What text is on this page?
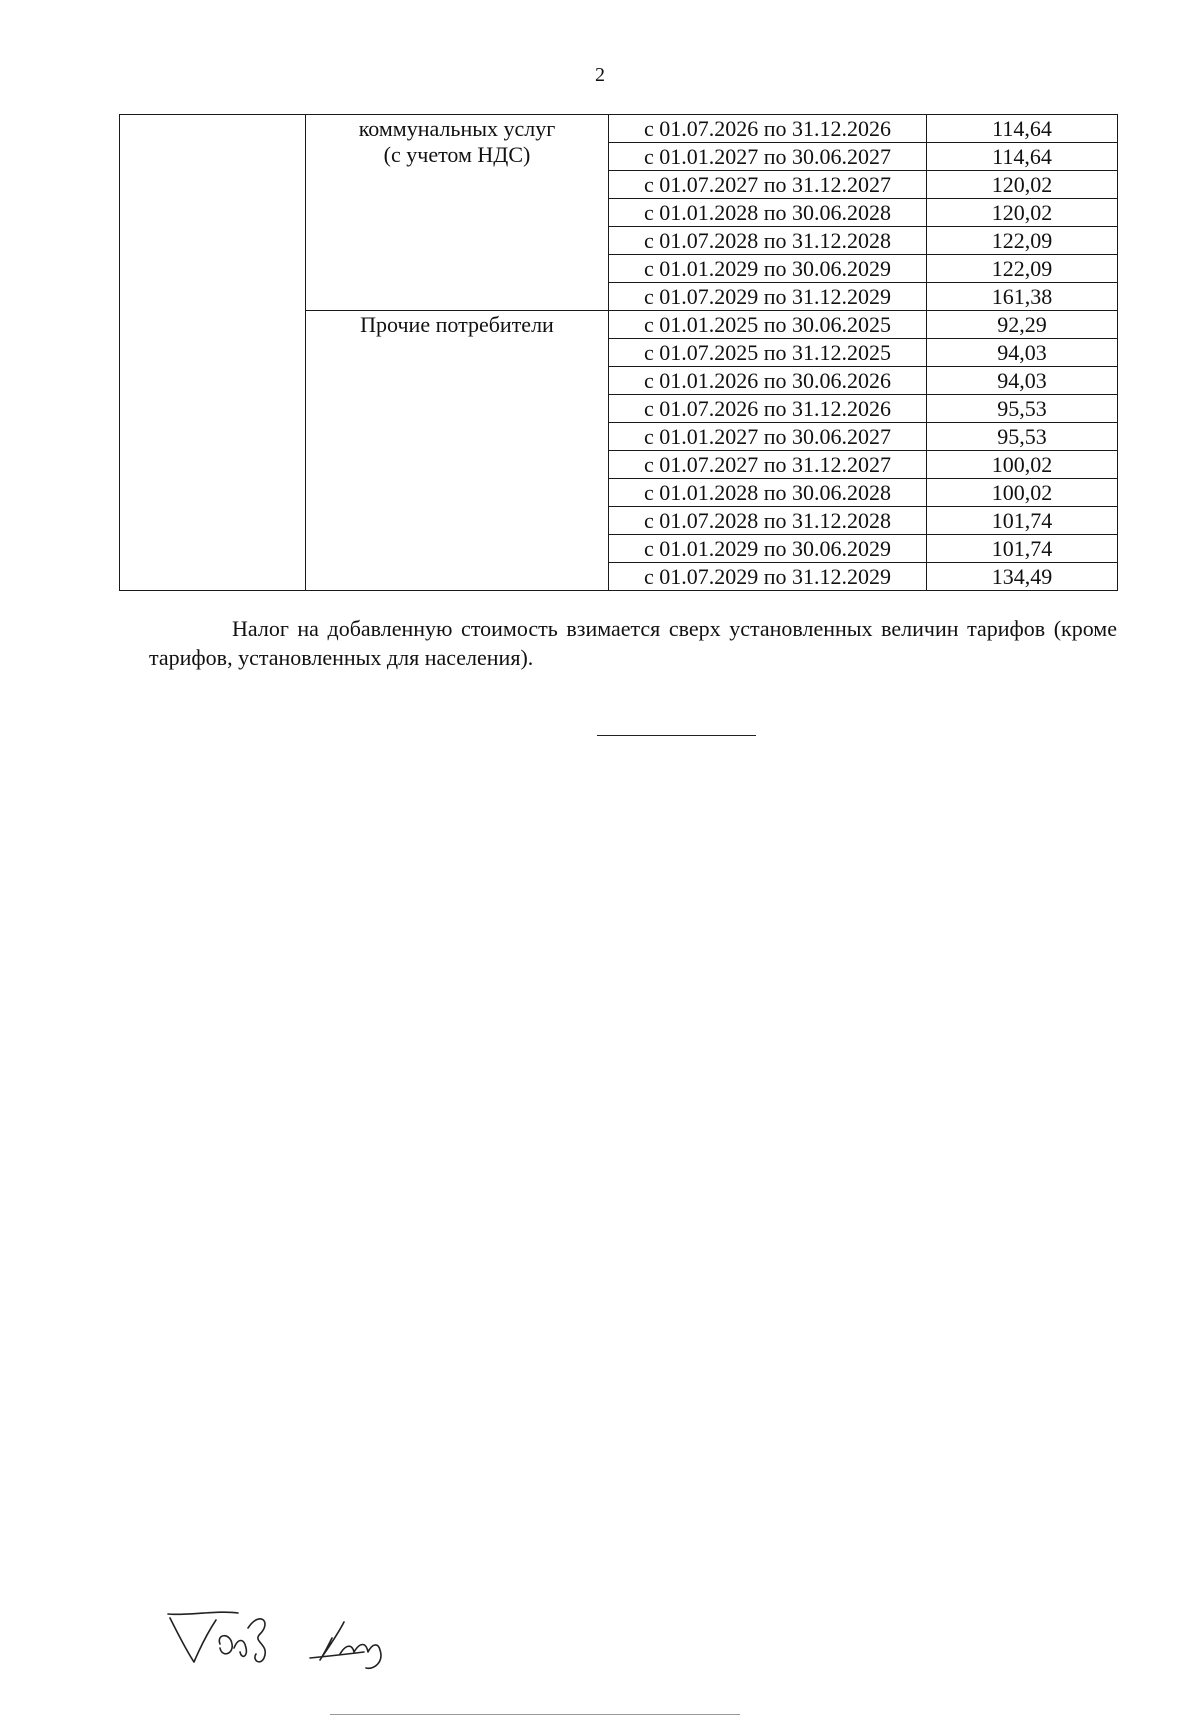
2

	коммунальных услуг
(с учетом НДС)	с 01.07.2026 по 31.12.2026	114,64
		с 01.01.2027 по 30.06.2027	114,64
		с 01.07.2027 по 31.12.2027	120,02
		с 01.01.2028 по 30.06.2028	120,02
		с 01.07.2028 по 31.12.2028	122,09
		с 01.01.2029 по 30.06.2029	122,09
		с 01.07.2029 по 31.12.2029	161,38

	Прочие потребители	с 01.01.2025 по 30.06.2025	92,29
		с 01.07.2025 по 31.12.2025	94,03
		с 01.01.2026 по 30.06.2026	94,03
		с 01.07.2026 по 31.12.2026	95,53
		с 01.01.2027 по 30.06.2027	95,53
		с 01.07.2027 по 31.12.2027	100,02
		с 01.01.2028 по 30.06.2028	100,02
		с 01.07.2028 по 31.12.2028	101,74
		с 01.01.2029 по 30.06.2029	101,74
		с 01.07.2029 по 31.12.2029	134,49

Налог на добавленную стоимость взимается сверх установленных величин тарифов (кроме тарифов, установленных для населения).
